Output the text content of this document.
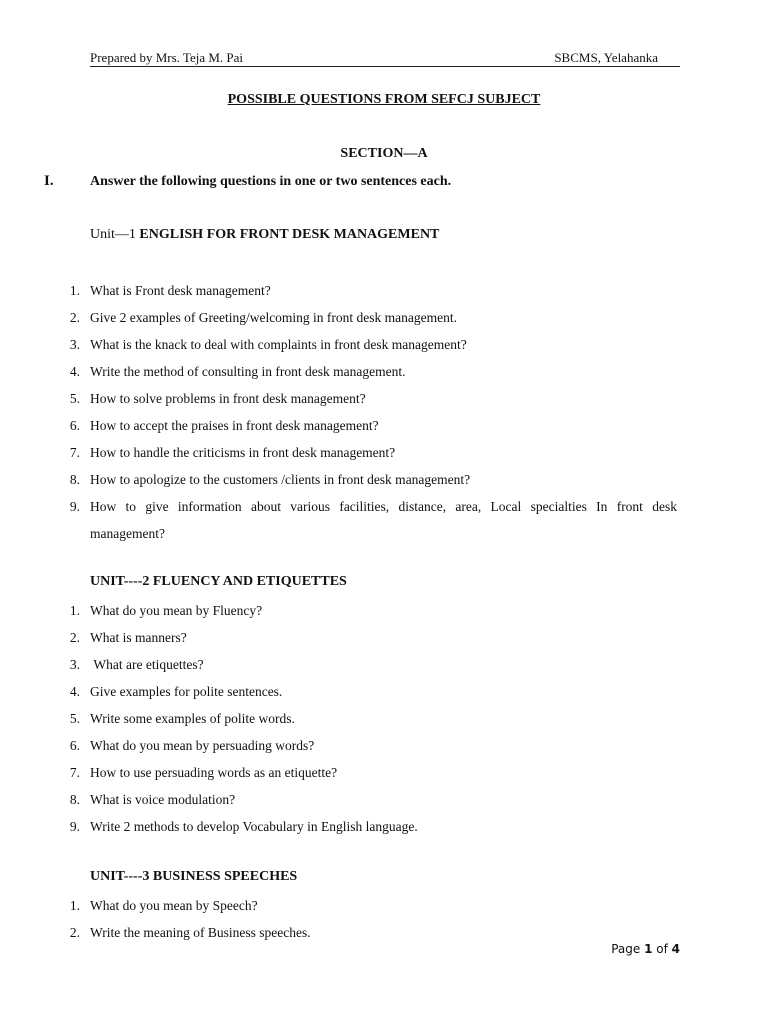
Prepared by Mrs. Teja M. Pai	SBCMS, Yelahanka
POSSIBLE QUESTIONS FROM SEFCJ SUBJECT
SECTION—A
I.	Answer the following questions in one or two sentences each.
Unit—1 ENGLISH FOR FRONT DESK MANAGEMENT
1. What is Front desk management?
2. Give 2 examples of Greeting/welcoming in front desk management.
3. What is the knack to deal with complaints in front desk management?
4. Write the method of consulting in front desk management.
5. How to solve problems in front desk management?
6. How to accept the praises in front desk management?
7. How to handle the criticisms in front desk management?
8. How to apologize to the customers /clients in front desk management?
9. How to give information about various facilities, distance, area, Local specialties In front desk management?
UNIT----2 FLUENCY AND ETIQUETTES
1. What do you mean by Fluency?
2. What is manners?
3. What are etiquettes?
4. Give examples for polite sentences.
5. Write some examples of polite words.
6. What do you mean by persuading words?
7. How to use persuading words as an etiquette?
8. What is voice modulation?
9. Write 2 methods to develop Vocabulary in English language.
UNIT----3 BUSINESS SPEECHES
1. What do you mean by Speech?
2. Write the meaning of Business speeches.
Page 1 of 4
